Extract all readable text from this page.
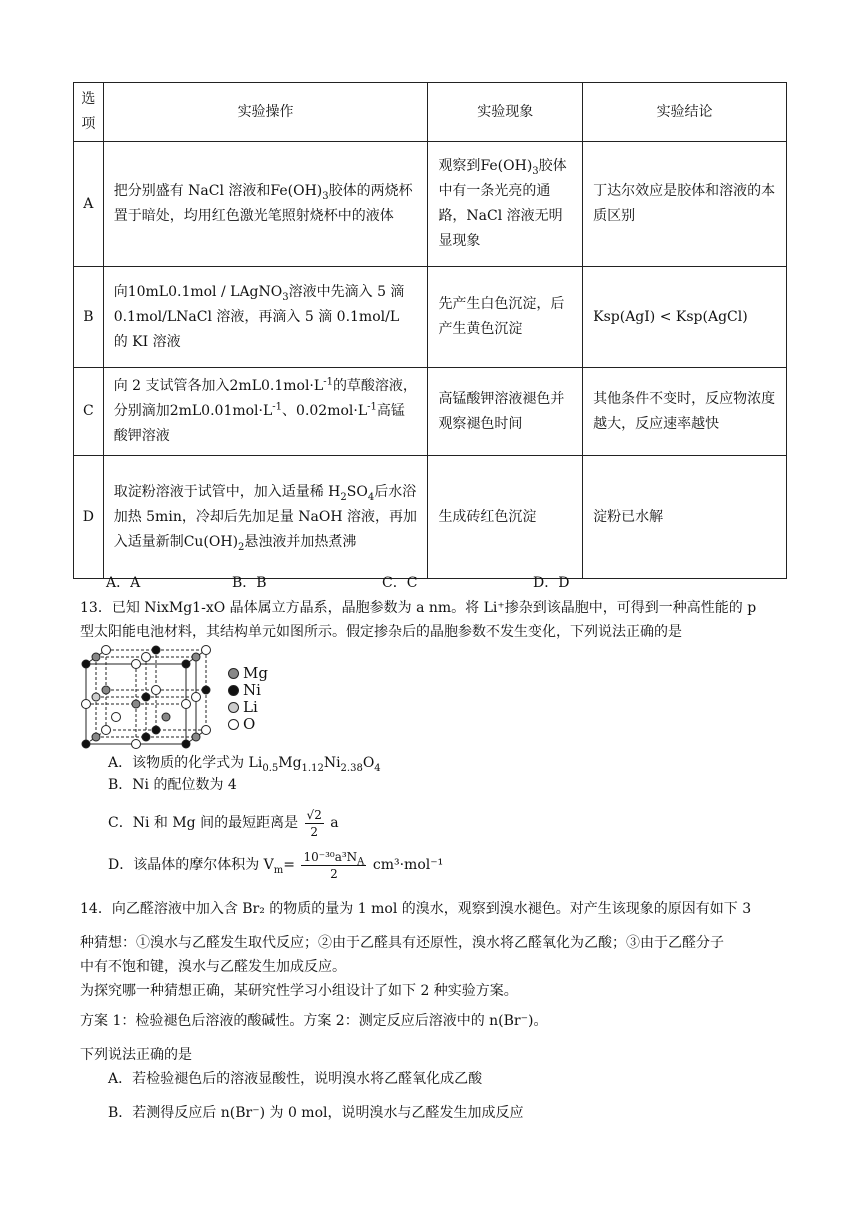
选
项	实验操作	实验现象	实验结论
A	把分别盛有 NaCl 溶液和$Fe(OH)_3$胶体的两烧杯置于暗处，均用红色激光笔照射烧杯中的液体	观察到$Fe(OH)_3$胶体中有一条光亮的通路，NaCl 溶液无明显现象	丁达尔效应是胶体和溶液的本质区别
B	向10mL0.1mol / LAgNO$_3$溶液中先滴入 5 滴 0.1mol/LNaCl 溶液，再滴入 5 滴 0.1mol/L 的 KI 溶液	先产生白色沉淀，后产生黄色沉淀	Ksp(AgI) < Ksp(AgCl)
C	向 2 支试管各加入$2mL0.1mol\cdot L^{-1}$的草酸溶液，分别滴加$2mL0.01mol\cdot L^{-1}$、$0.02mol\cdot L^{-1}$高锰酸钾溶液	高锰酸钾溶液褪色并观察褪色时间	其他条件不变时，反应物浓度越大，反应速率越快
D	取淀粉溶液于试管中，加入适量稀 $H_2SO_4$后水浴加热 5min，冷却后先加足量 NaOH 溶液，再加入适量新制$Cu(OH)_2$悬浊液并加热煮沸	生成砖红色沉淀	淀粉已水解
A．A	B．B	C．C	D．D
13．已知 NixMg1-xO 晶体属立方晶系，晶胞参数为 a nm。将 Li⁺掺杂到该晶胞中，可得到一种高性能的 p
型太阳能电池材料，其结构单元如图所示。假定掺杂后的晶胞参数不发生变化，下列说法正确的是
Mg
Ni
Li
O
A．该物质的化学式为 $Li_{0.5}Mg_{1.12}Ni_{2.38}O_4$
B．Ni 的配位数为 4
C．Ni 和 Mg 间的最短距离是 $\frac{√2}{2}$ a
D．该晶体的摩尔体积为 $V_m= \frac{10^{-30}a^3N_A}{2} cm^3\cdot mol^{-1}$
14．向乙醛溶液中加入含 Br₂ 的物质的量为 1 mol 的溴水，观察到溴水褪色。对产生该现象的原因有如下 3
种猜想：①溴水与乙醛发生取代反应；②由于乙醛具有还原性，溴水将乙醛氧化为乙酸；③由于乙醛分子
中有不饱和键，溴水与乙醛发生加成反应。
为探究哪一种猜想正确，某研究性学习小组设计了如下 2 种实验方案。
方案 1：检验褪色后溶液的酸碱性。方案 2：测定反应后溶液中的 n(Br⁻)。
下列说法正确的是
A．若检验褪色后的溶液显酸性，说明溴水将乙醛氧化成乙酸
B．若测得反应后 n(Br⁻) 为 0 mol，说明溴水与乙醛发生加成反应
